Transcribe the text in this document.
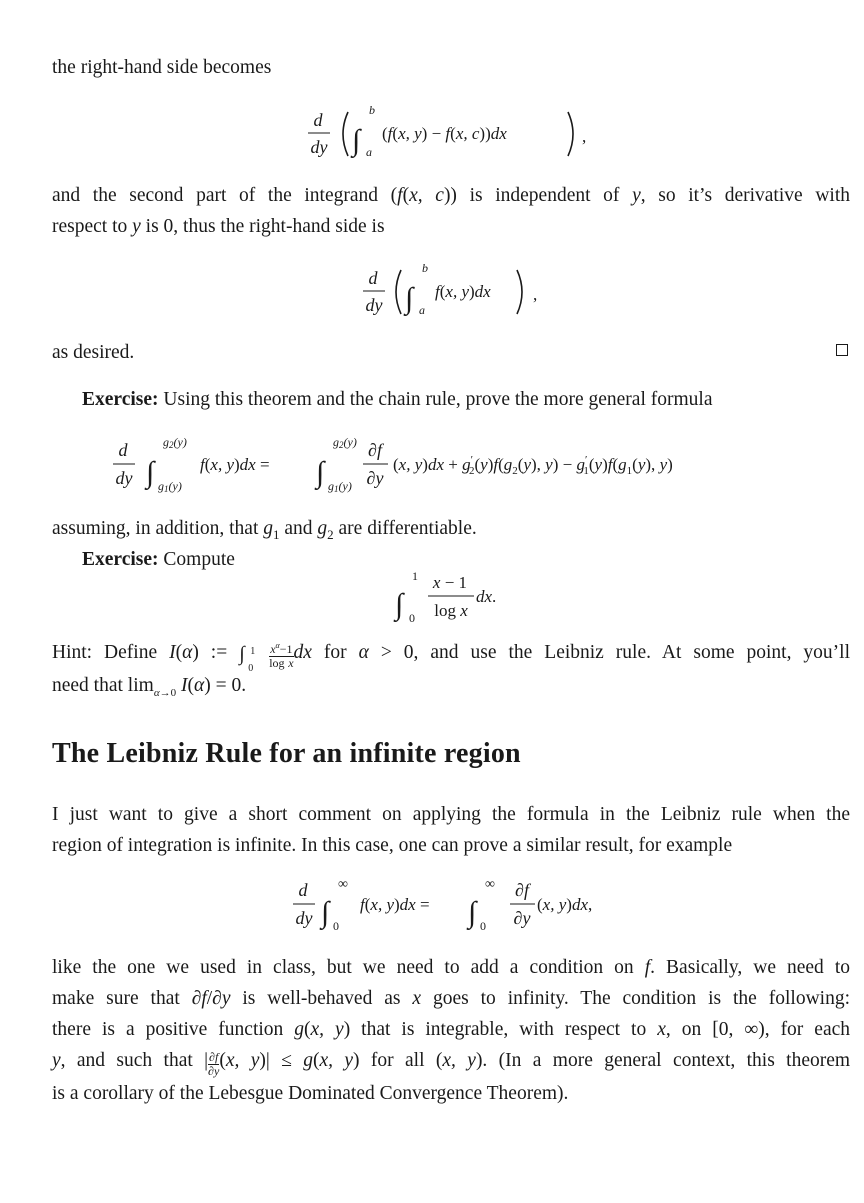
the right-hand side becomes
d
dy ∫
b
a
(f(x, y) − f(x, c))dx	,
and the second part of the integrand (f(x, c)) is independent of y, so it’s derivative with
respect to y is 0, thus the right-hand side is
d
dy ∫
b
a
f(x, y)dx ,
as desired.
Exercise: Using this theorem and the chain rule, prove the more general formula
d
dy ∫
g2(y)
g1(y)
f(x, y)dx = ∫
g2(y)
g1(y)
∂f
∂y
(x, y)dx + g′ $2(y)f(g_2(y)$, y) − g′ $1(y)f(g_1(y)$, y)
assuming, in addition, that $g_1$ and $g_2$ are differentiable.
Exercise: Compute
∫
1
0
x − 1
log x
dx.
Hint: Define I(α) := ∫ 1
$0 \frac{x^\alpha-1}{\text{log x}}$ dx for α > 0, and use the Leibniz rule. At some point, you’ll
need that $\lim_{\alpha\to 0} I(\alpha) = 0$.
The Leibniz Rule for an infinite region
I just want to give a short comment on applying the formula in the Leibniz rule when the
region of integration is infinite. In this case, one can prove a similar result, for example
d
dy ∫
∞
0
f(x, y)dx = ∫
∞
0
∂f
∂y
(x, y)dx,
like the one we used in class, but we need to add a condition on f. Basically, we need to
make sure that ∂f/∂y is well-behaved as x goes to infinity. The condition is the following:
there is a positive function g(x, y) that is integrable, with respect to x, on [0, ∞), for each
y, and such that | $\frac{\partial f}{\partial y} (x$, y)| ≤ g(x, y) for all (x, y). (In a more general context, this theorem
is a corollary of the Lebesgue Dominated Convergence Theorem).
